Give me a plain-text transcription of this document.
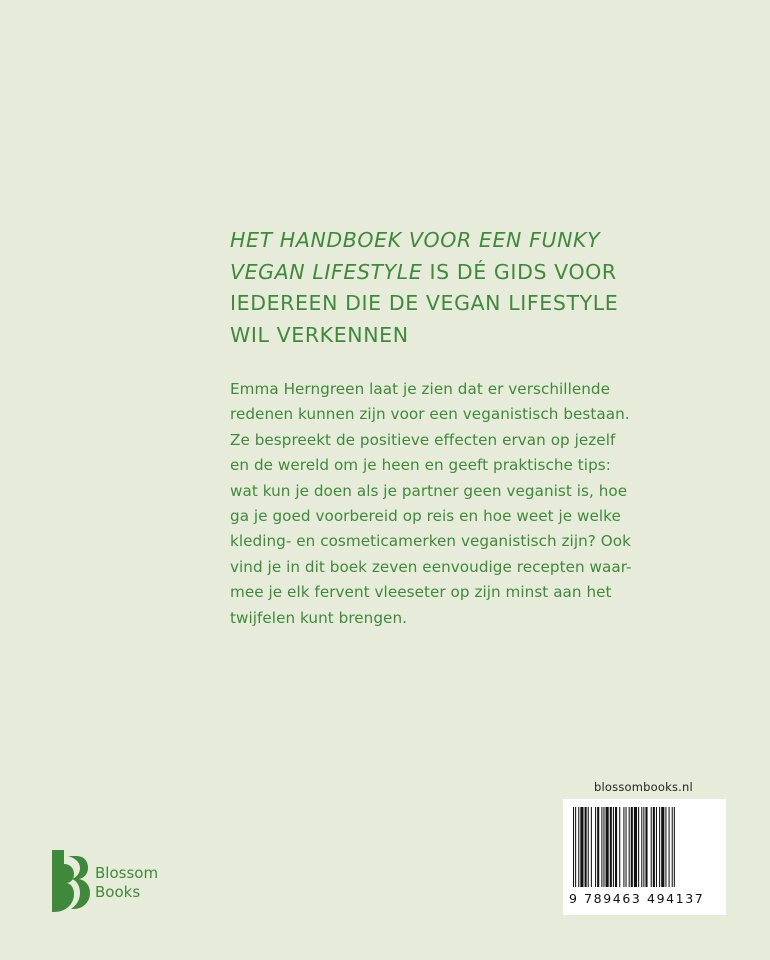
HET HANDBOEK VOOR EEN FUNKY
VEGAN LIFESTYLE IS DÉ GIDS VOOR
IEDEREEN DIE DE VEGAN LIFESTYLE
WIL VERKENNEN
Emma Herngreen laat je zien dat er verschillende
redenen kunnen zijn voor een veganistisch bestaan.
Ze bespreekt de positieve effecten ervan op jezelf
en de wereld om je heen en geeft praktische tips:
wat kun je doen als je partner geen veganist is, hoe
ga je goed voorbereid op reis en hoe weet je welke
kleding- en cosmeticamerken veganistisch zijn? Ook
vind je in dit boek zeven eenvoudige recepten waar-
mee je elk fervent vleeseter op zijn minst aan het
twijfelen kunt brengen.
blossombooks.nl
9 789463 494137
Blossom
Books
